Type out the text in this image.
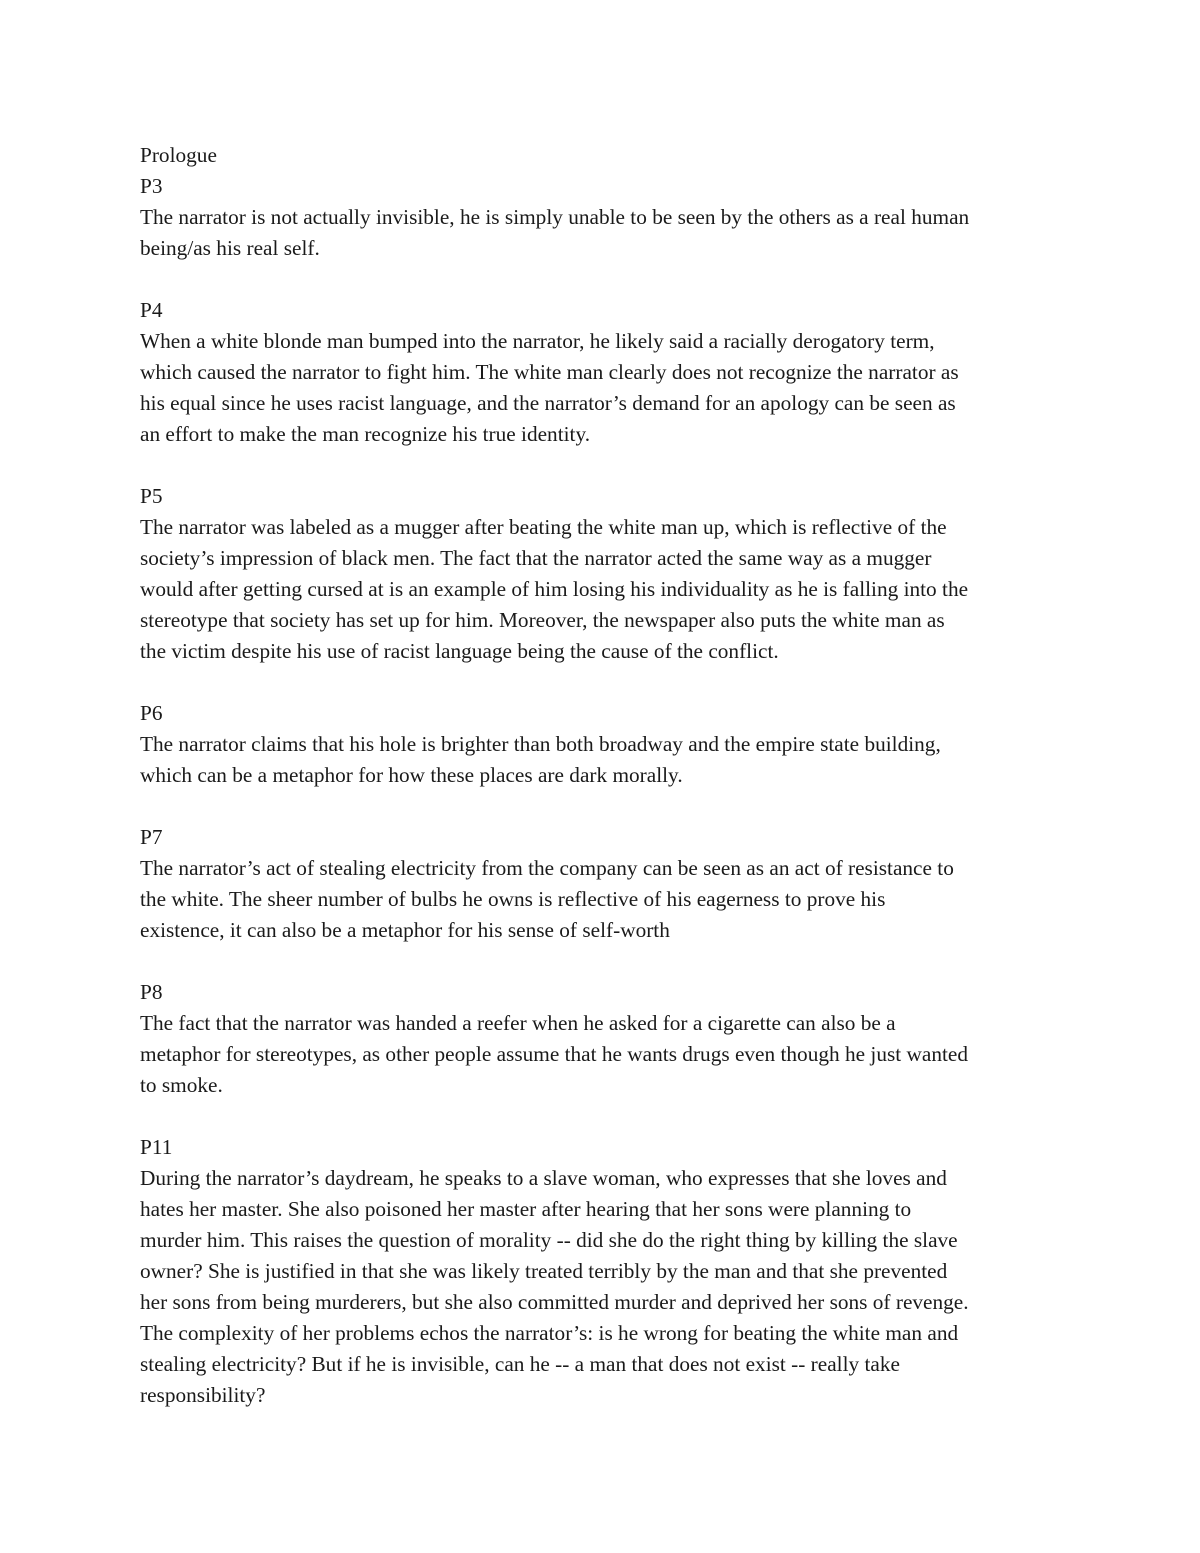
Prologue
P3
The narrator is not actually invisible, he is simply unable to be seen by the others as a real human
being/as his real self.
P4
When a white blonde man bumped into the narrator, he likely said a racially derogatory term,
which caused the narrator to fight him. The white man clearly does not recognize the narrator as
his equal since he uses racist language, and the narrator’s demand for an apology can be seen as
an effort to make the man recognize his true identity.
P5
The narrator was labeled as a mugger after beating the white man up, which is reflective of the
society’s impression of black men. The fact that the narrator acted the same way as a mugger
would after getting cursed at is an example of him losing his individuality as he is falling into the
stereotype that society has set up for him. Moreover, the newspaper also puts the white man as
the victim despite his use of racist language being the cause of the conflict.
P6
The narrator claims that his hole is brighter than both broadway and the empire state building,
which can be a metaphor for how these places are dark morally.
P7
The narrator’s act of stealing electricity from the company can be seen as an act of resistance to
the white. The sheer number of bulbs he owns is reflective of his eagerness to prove his
existence, it can also be a metaphor for his sense of self-worth
P8
The fact that the narrator was handed a reefer when he asked for a cigarette can also be a
metaphor for stereotypes, as other people assume that he wants drugs even though he just wanted
to smoke.
P11
During the narrator’s daydream, he speaks to a slave woman, who expresses that she loves and
hates her master. She also poisoned her master after hearing that her sons were planning to
murder him. This raises the question of morality -- did she do the right thing by killing the slave
owner? She is justified in that she was likely treated terribly by the man and that she prevented
her sons from being murderers, but she also committed murder and deprived her sons of revenge.
The complexity of her problems echos the narrator’s: is he wrong for beating the white man and
stealing electricity? But if he is invisible, can he -- a man that does not exist -- really take
responsibility?
